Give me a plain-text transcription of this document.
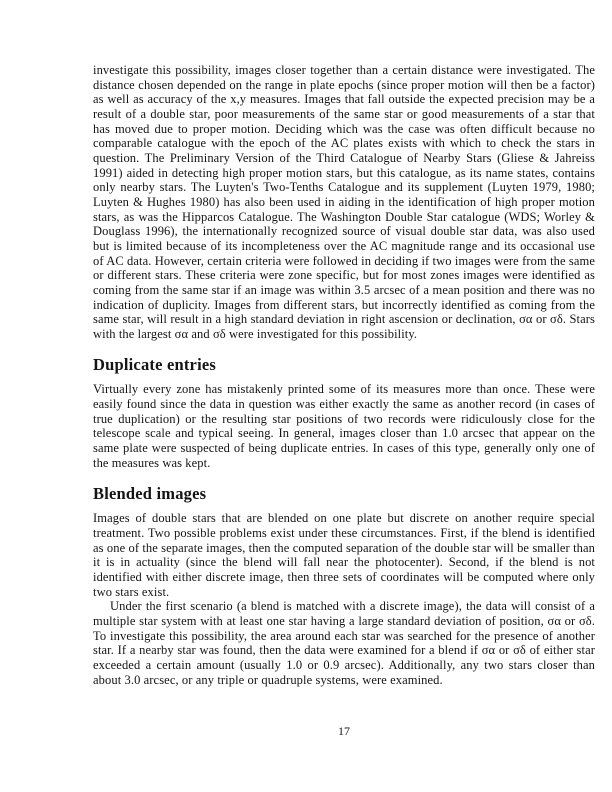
investigate this possibility, images closer together than a certain distance were investigated. The distance chosen depended on the range in plate epochs (since proper motion will then be a factor) as well as accuracy of the x,y measures. Images that fall outside the expected precision may be a result of a double star, poor measurements of the same star or good measurements of a star that has moved due to proper motion. Deciding which was the case was often difficult because no comparable catalogue with the epoch of the AC plates exists with which to check the stars in question. The Preliminary Version of the Third Catalogue of Nearby Stars (Gliese & Jahreiss 1991) aided in detecting high proper motion stars, but this catalogue, as its name states, contains only nearby stars. The Luyten's Two-Tenths Catalogue and its supplement (Luyten 1979, 1980; Luyten & Hughes 1980) has also been used in aiding in the identification of high proper motion stars, as was the Hipparcos Catalogue. The Washington Double Star catalogue (WDS; Worley & Douglass 1996), the internationally recognized source of visual double star data, was also used but is limited because of its incompleteness over the AC magnitude range and its occasional use of AC data. However, certain criteria were followed in deciding if two images were from the same or different stars. These criteria were zone specific, but for most zones images were identified as coming from the same star if an image was within 3.5 arcsec of a mean position and there was no indication of duplicity. Images from different stars, but incorrectly identified as coming from the same star, will result in a high standard deviation in right ascension or declination, σα or σδ. Stars with the largest σα and σδ were investigated for this possibility.

Duplicate entries

Virtually every zone has mistakenly printed some of its measures more than once. These were easily found since the data in question was either exactly the same as another record (in cases of true duplication) or the resulting star positions of two records were ridiculously close for the telescope scale and typical seeing. In general, images closer than 1.0 arcsec that appear on the same plate were suspected of being duplicate entries. In cases of this type, generally only one of the measures was kept.

Blended images

Images of double stars that are blended on one plate but discrete on another require special treatment. Two possible problems exist under these circumstances. First, if the blend is identified as one of the separate images, then the computed separation of the double star will be smaller than it is in actuality (since the blend will fall near the photocenter). Second, if the blend is not identified with either discrete image, then three sets of coordinates will be computed where only two stars exist.

Under the first scenario (a blend is matched with a discrete image), the data will consist of a multiple star system with at least one star having a large standard deviation of position, σα or σδ. To investigate this possibility, the area around each star was searched for the presence of another star. If a nearby star was found, then the data were examined for a blend if σα or σδ of either star exceeded a certain amount (usually 1.0 or 0.9 arcsec). Additionally, any two stars closer than about 3.0 arcsec, or any triple or quadruple systems, were examined.

17
